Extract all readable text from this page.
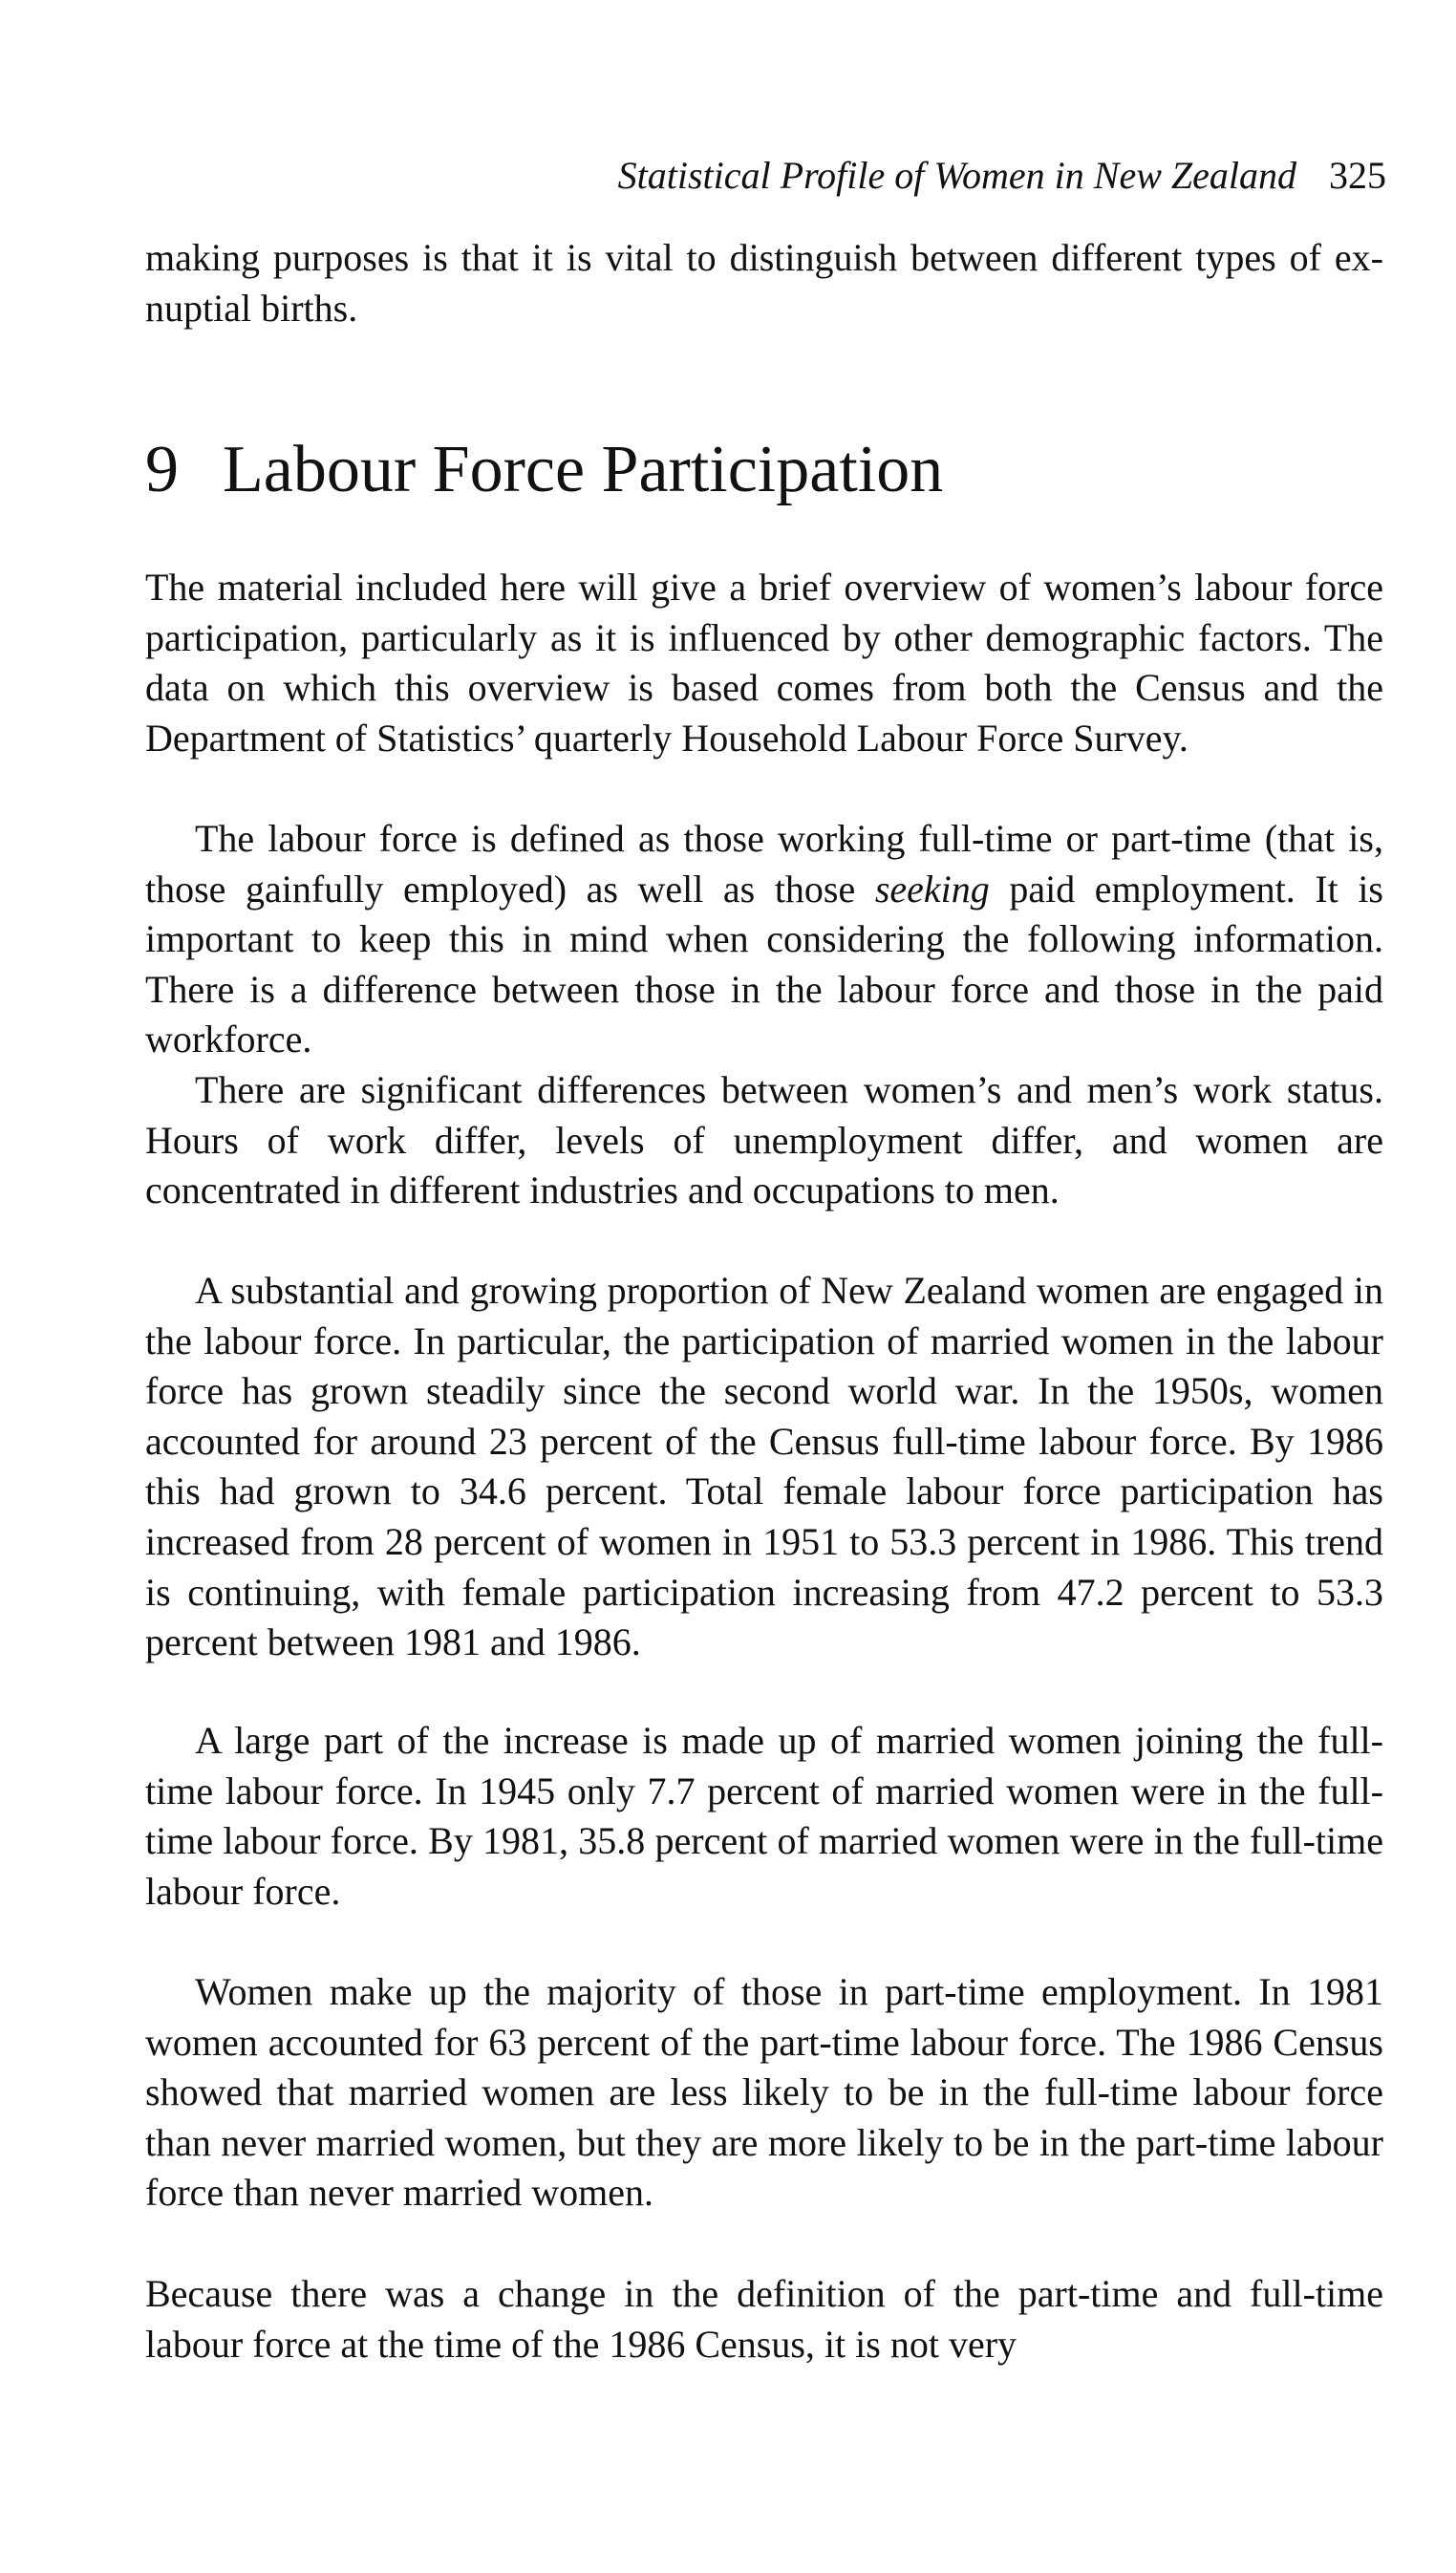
Statistical Profile of Women in New Zealand 325

making purposes is that it is vital to distinguish between different types of ex-nuptial births.

9 Labour Force Participation

The material included here will give a brief overview of women’s labour force participation, particularly as it is influenced by other demographic factors. The data on which this overview is based comes from both the Census and the Department of Statistics’ quarterly Household Labour Force Survey.

The labour force is defined as those working full-time or part-time (that is, those gainfully employed) as well as those seeking paid employment. It is important to keep this in mind when considering the following information. There is a difference between those in the labour force and those in the paid workforce.

There are significant differences between women’s and men’s work status. Hours of work differ, levels of unemployment differ, and women are concentrated in different industries and occupations to men.

A substantial and growing proportion of New Zealand women are engaged in the labour force. In particular, the participation of married women in the labour force has grown steadily since the second world war. In the 1950s, women accounted for around 23 percent of the Census full-time labour force. By 1986 this had grown to 34.6 percent. Total female labour force participation has increased from 28 percent of women in 1951 to 53.3 percent in 1986. This trend is continuing, with female participation increasing from 47.2 percent to 53.3 percent between 1981 and 1986.

A large part of the increase is made up of married women joining the full-time labour force. In 1945 only 7.7 percent of married women were in the full-time labour force. By 1981, 35.8 percent of married women were in the full-time labour force.

Women make up the majority of those in part-time employment. In 1981 women accounted for 63 percent of the part-time labour force. The 1986 Census showed that married women are less likely to be in the full-time labour force than never married women, but they are more likely to be in the part-time labour force than never married women.

Because there was a change in the definition of the part-time and full-time labour force at the time of the 1986 Census, it is not very
